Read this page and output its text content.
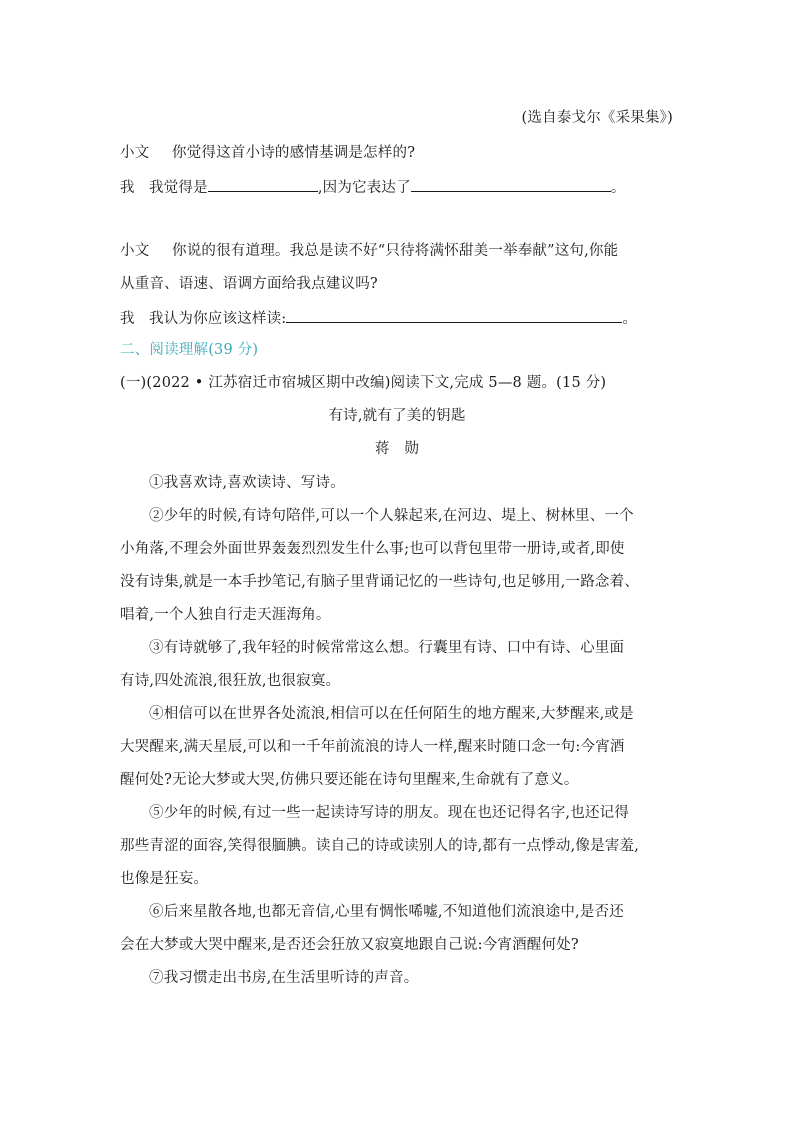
(选自泰戈尔《采果集》)
小文 你觉得这首小诗的感情基调是怎样的?
我 我觉得是	,因为它表达了	。
小文 你说的很有道理。我总是读不好“只待将满怀甜美一举奉献”这句,你能
从重音、语速、语调方面给我点建议吗?
我 我认为你应该这样读:	。
二、阅读理解(39 分)
(一)(2022 • 江苏宿迁市宿城区期中改编)阅读下文,完成 5—8 题。(15 分)
有诗,就有了美的钥匙
蒋　勋
①我喜欢诗,喜欢读诗、写诗。
②少年的时候,有诗句陪伴,可以一个人躲起来,在河边、堤上、树林里、一个
小角落,不理会外面世界轰轰烈烈发生什么事;也可以背包里带一册诗,或者,即使
没有诗集,就是一本手抄笔记,有脑子里背诵记忆的一些诗句,也足够用,一路念着、
唱着,一个人独自行走天涯海角。
③有诗就够了,我年轻的时候常常这么想。行囊里有诗、口中有诗、心里面
有诗,四处流浪,很狂放,也很寂寞。
④相信可以在世界各处流浪,相信可以在任何陌生的地方醒来,大梦醒来,或是
大哭醒来,满天星辰,可以和一千年前流浪的诗人一样,醒来时随口念一句:今宵酒
醒何处?无论大梦或大哭,仿佛只要还能在诗句里醒来,生命就有了意义。
⑤少年的时候,有过一些一起读诗写诗的朋友。现在也还记得名字,也还记得
那些青涩的面容,笑得很腼腆。读自己的诗或读别人的诗,都有一点悸动,像是害羞,
也像是狂妄。
⑥后来星散各地,也都无音信,心里有惆怅唏嘘,不知道他们流浪途中,是否还
会在大梦或大哭中醒来,是否还会狂放又寂寞地跟自己说:今宵酒醒何处?
⑦我习惯走出书房,在生活里听诗的声音。
